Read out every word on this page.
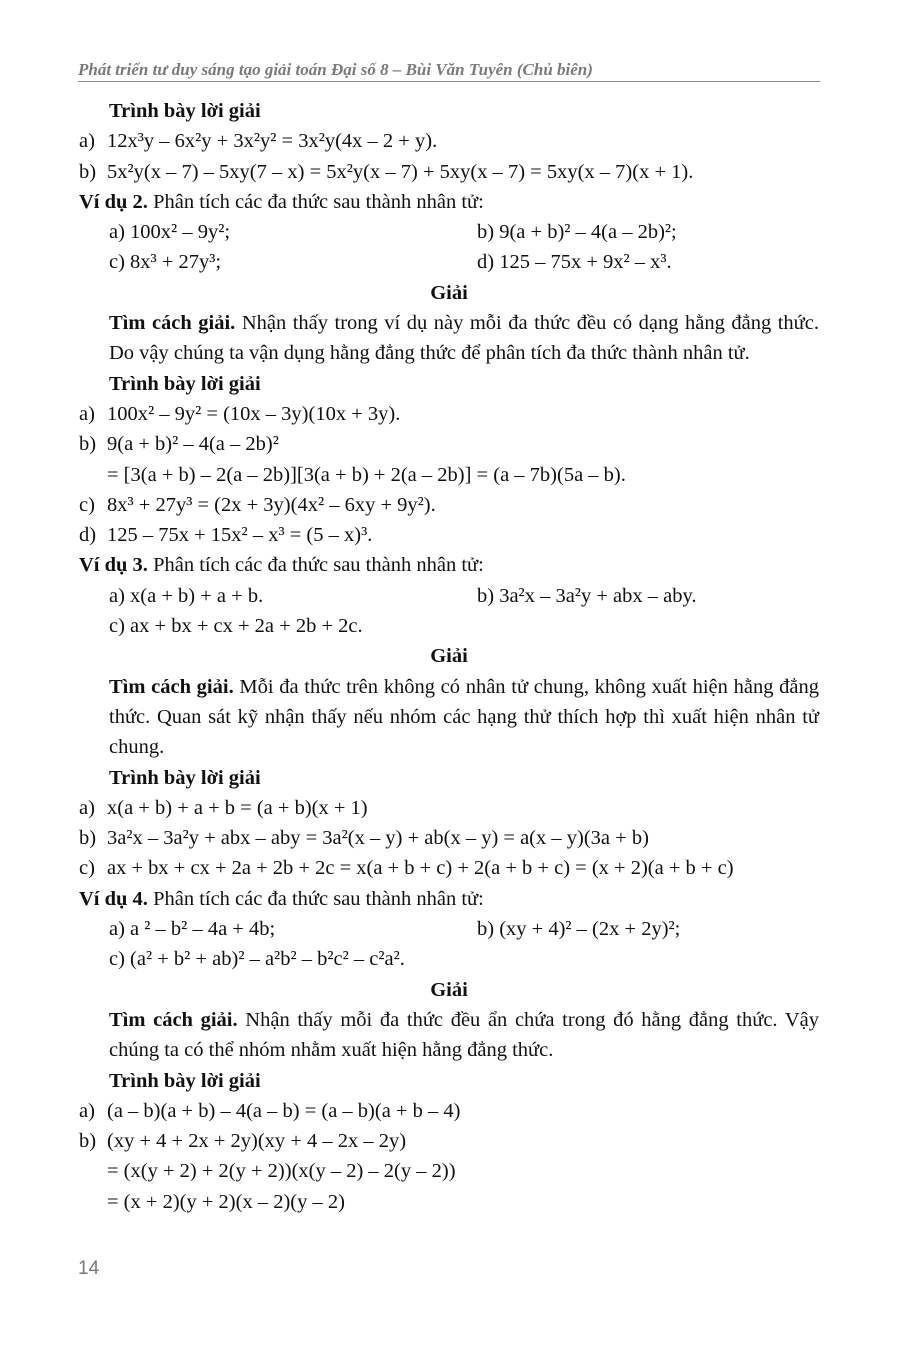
Phát triển tư duy sáng tạo giải toán Đại số 8 – Bùi Văn Tuyên (Chủ biên)
Trình bày lời giải
a) 12x³y – 6x²y + 3x²y² = 3x²y(4x – 2 + y).
b) 5x²y(x – 7) – 5xy(7 – x) = 5x²y(x – 7) + 5xy(x – 7) = 5xy(x – 7)(x + 1).
Ví dụ 2. Phân tích các đa thức sau thành nhân tử:
a) 100x² – 9y²;	b) 9(a + b)² – 4(a – 2b)²;
c) 8x³ + 27y³;	d) 125 – 75x + 9x² – x³.
Giải
Tìm cách giải. Nhận thấy trong ví dụ này mỗi đa thức đều có dạng hằng đẳng thức. Do vậy chúng ta vận dụng hằng đẳng thức để phân tích đa thức thành nhân tử.
Trình bày lời giải
a) 100x² – 9y² = (10x – 3y)(10x + 3y).
b) 9(a + b)² – 4(a – 2b)²
= [3(a + b) – 2(a – 2b)][3(a + b) + 2(a – 2b)] = (a – 7b)(5a – b).
c) 8x³ + 27y³ = (2x + 3y)(4x² – 6xy + 9y²).
d) 125 – 75x + 15x² – x³ = (5 – x)³.
Ví dụ 3. Phân tích các đa thức sau thành nhân tử:
a) x(a + b) + a + b.	b) 3a²x – 3a²y + abx – aby.
c) ax + bx + cx + 2a + 2b + 2c.
Giải
Tìm cách giải. Mỗi đa thức trên không có nhân tử chung, không xuất hiện hằng đẳng thức. Quan sát kỹ nhận thấy nếu nhóm các hạng thử thích hợp thì xuất hiện nhân tử chung.
Trình bày lời giải
a) x(a + b) + a + b = (a + b)(x + 1)
b) 3a²x – 3a²y + abx – aby = 3a²(x – y) + ab(x – y) = a(x – y)(3a + b)
c) ax + bx + cx + 2a + 2b + 2c = x(a + b + c) + 2(a + b + c) = (x + 2)(a + b + c)
Ví dụ 4. Phân tích các đa thức sau thành nhân tử:
a) a ² – b² – 4a + 4b;	b) (xy + 4)² – (2x + 2y)²;
c) (a² + b² + ab)² – a²b² – b²c² – c²a².
Giải
Tìm cách giải. Nhận thấy mỗi đa thức đều ẩn chứa trong đó hằng đẳng thức. Vậy chúng ta có thể nhóm nhằm xuất hiện hằng đẳng thức.
Trình bày lời giải
a) (a – b)(a + b) – 4(a – b) = (a – b)(a + b – 4)
b) (xy + 4 + 2x + 2y)(xy + 4 – 2x – 2y)
= (x(y + 2) + 2(y + 2))(x(y – 2) – 2(y – 2))
= (x + 2)(y + 2)(x – 2)(y – 2)
14
